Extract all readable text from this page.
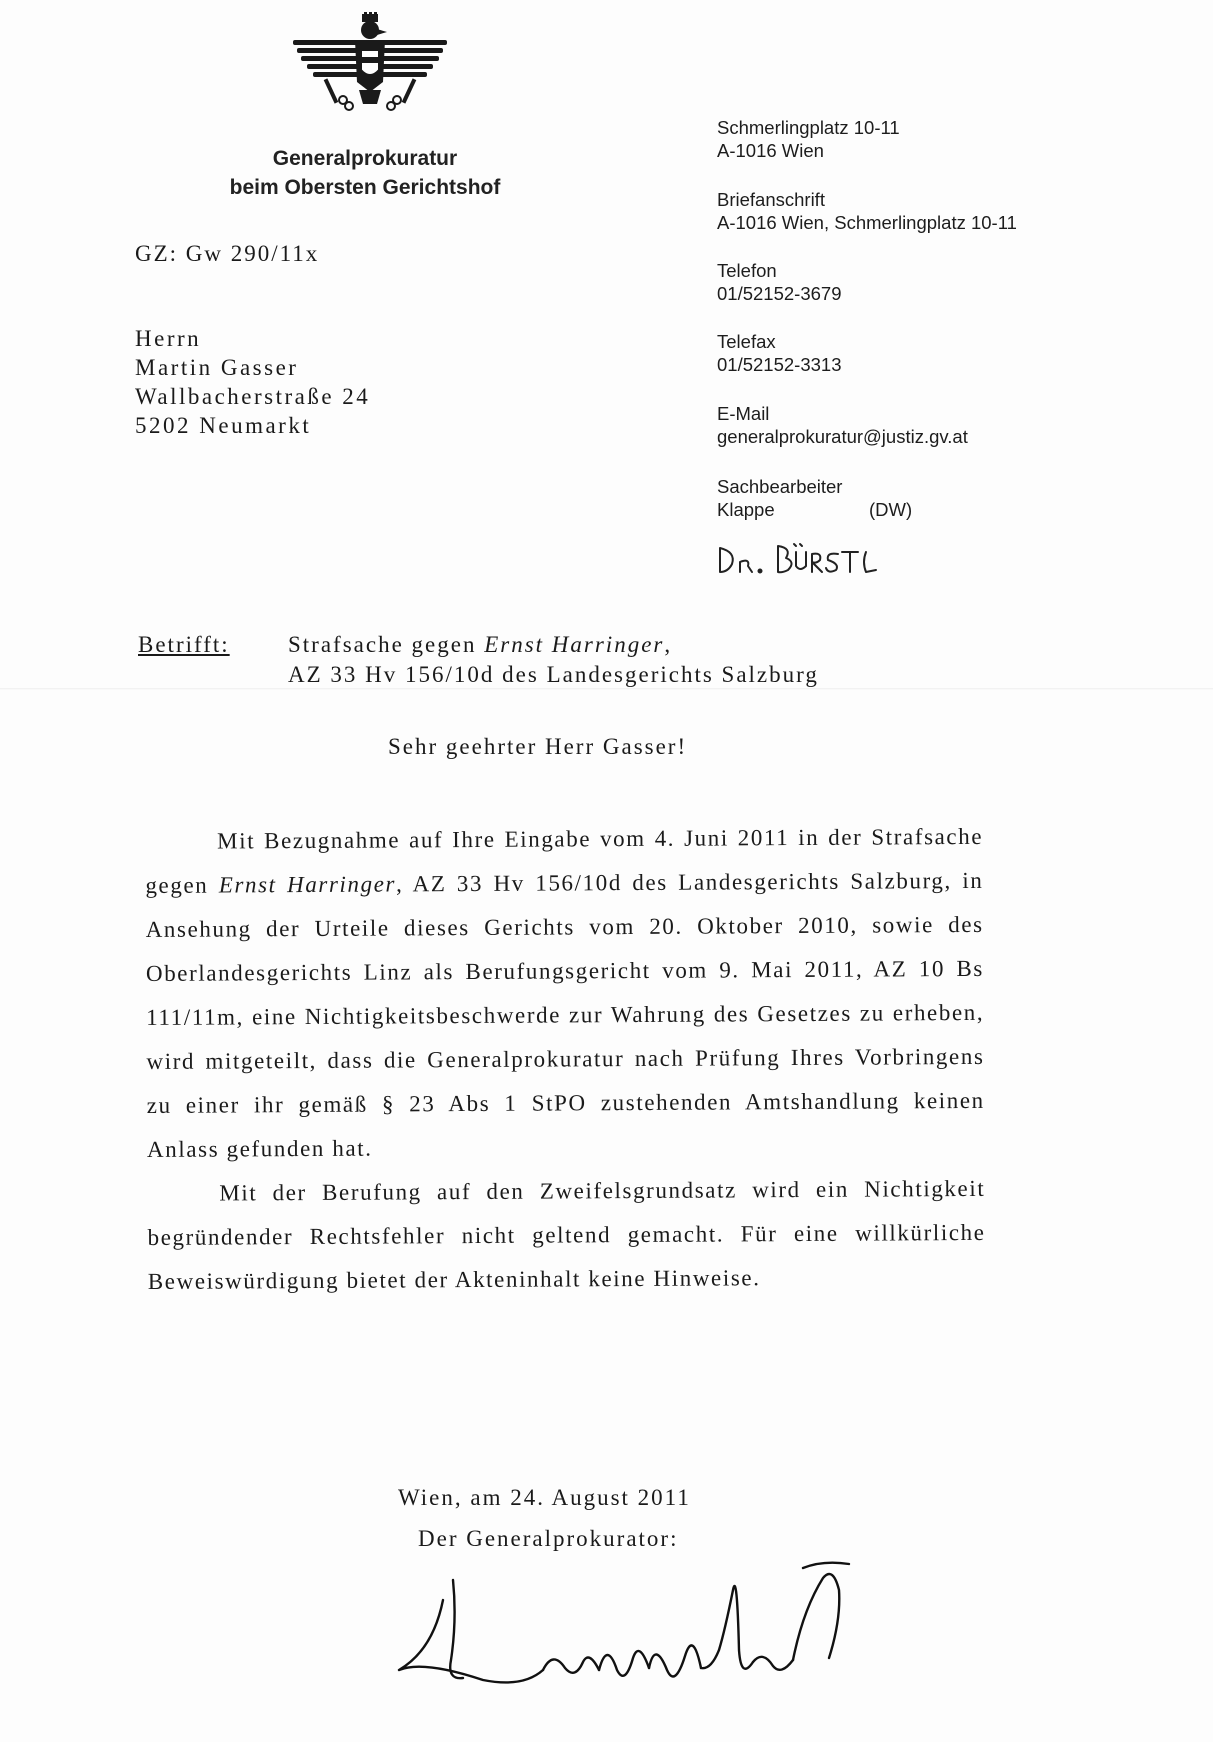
Generalprokuratur
beim Obersten Gerichtshof
GZ: Gw 290/11x
Herrn
Martin Gasser
Wallbacherstraße 24
5202 Neumarkt
Schmerlingplatz 10-11
A-1016 Wien
Briefanschrift
A-1016 Wien, Schmerlingplatz 10-11
Telefon
01/52152-3679
Telefax
01/52152-3313
E-Mail
generalprokuratur@justiz.gv.at
Sachbearbeiter
Klappe	(DW)
Betrifft:	Strafsache gegen Ernst Harringer,
AZ 33 Hv 156/10d des Landesgerichts Salzburg
Sehr geehrter Herr Gasser!

Mit Bezugnahme auf Ihre Eingabe vom 4. Juni 2011 in der Strafsache gegen Ernst Harringer, AZ 33 Hv 156/10d des Landesgerichts Salzburg, in Ansehung der Urteile dieses Gerichts vom 20. Oktober 2010, sowie des Oberlandesgerichts Linz als Berufungsgericht vom 9. Mai 2011, AZ 10 Bs 111/11m, eine Nichtigkeitsbeschwerde zur Wahrung des Gesetzes zu erheben, wird mitgeteilt, dass die Generalprokuratur nach Prüfung Ihres Vorbringens zu einer ihr gemäß § 23 Abs 1 StPO zustehenden Amtshandlung keinen Anlass gefunden hat.

Mit der Berufung auf den Zweifelsgrundsatz wird ein Nichtigkeit begründender Rechtsfehler nicht geltend gemacht. Für eine willkürliche Beweiswürdigung bietet der Akteninhalt keine Hinweise.

Wien, am 24. August 2011
Der Generalprokurator:
